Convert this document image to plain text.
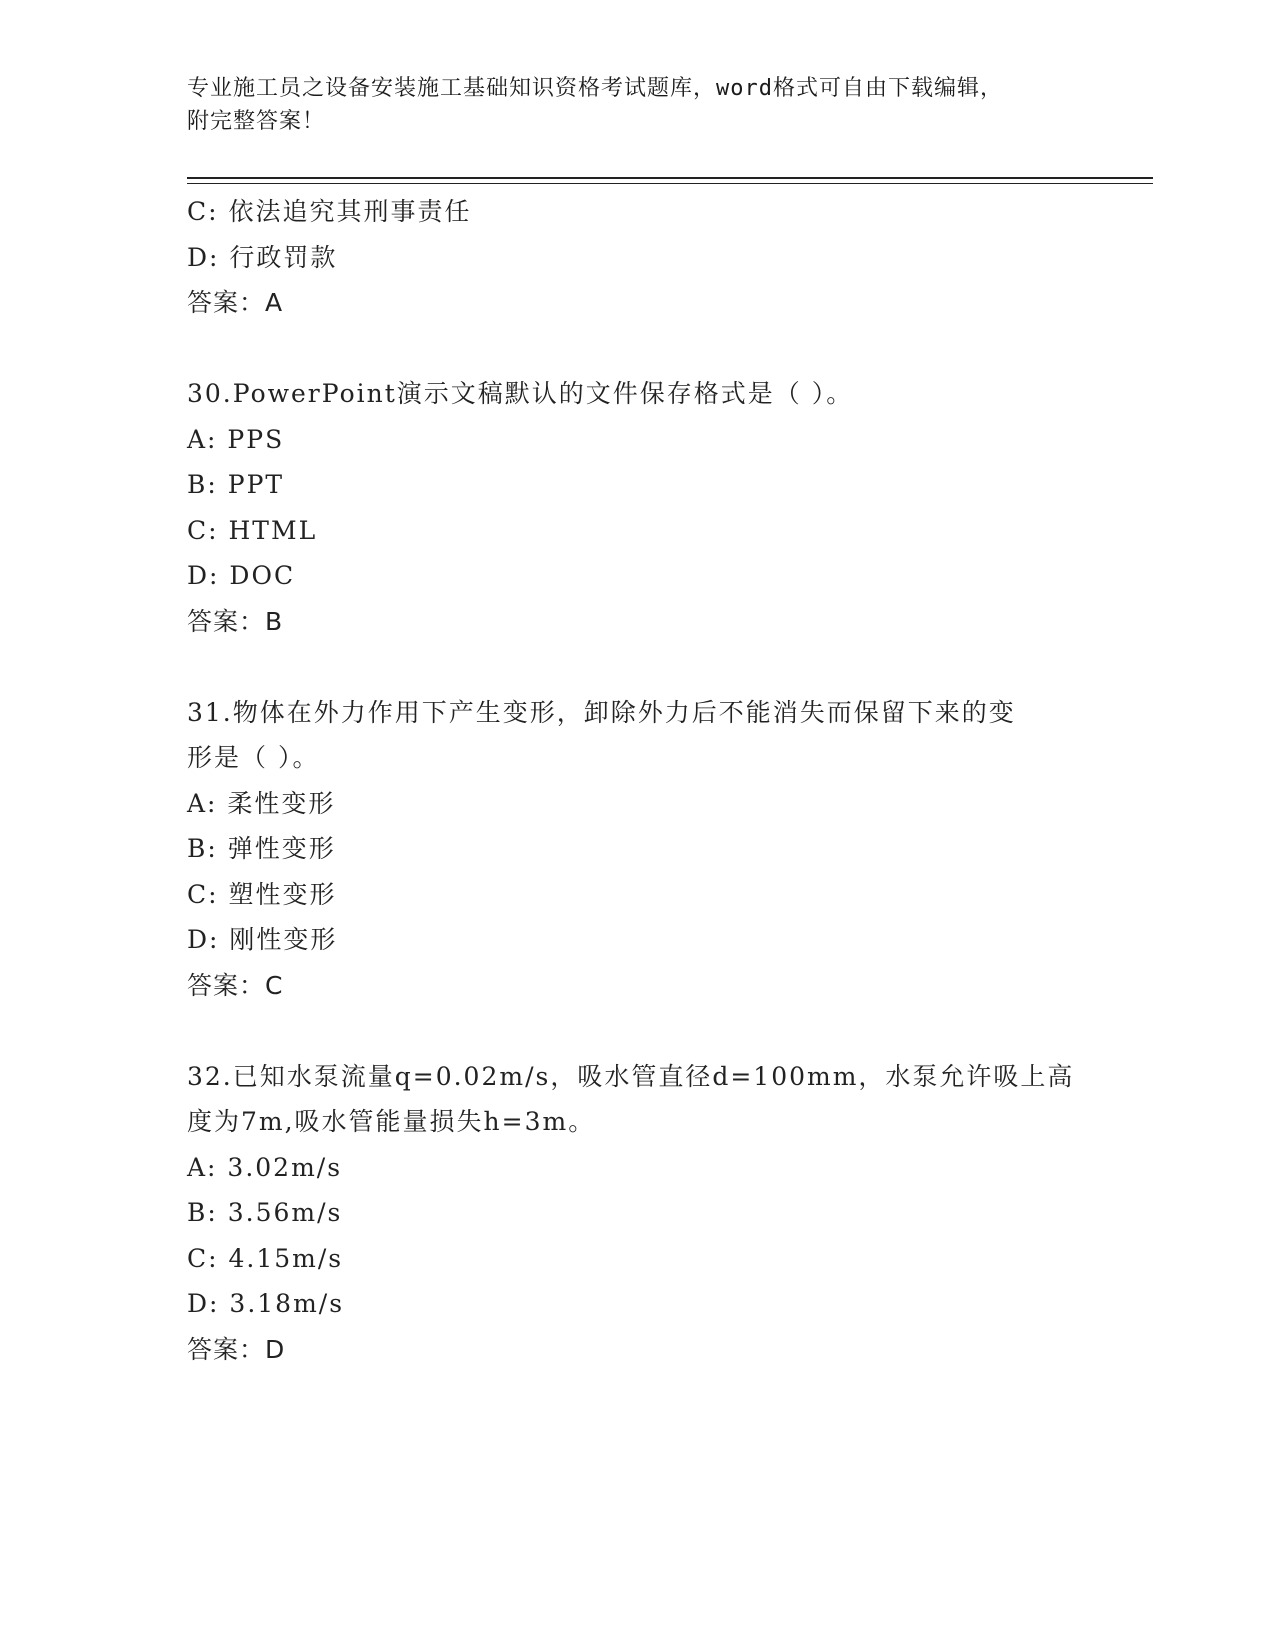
专业施工员之设备安装施工基础知识资格考试题库，word格式可自由下载编辑，
附完整答案！
C: 依法追究其刑事责任
D: 行政罚款
答案：A
30.PowerPoint演示文稿默认的文件保存格式是（ ）。
A: PPS
B: PPT
C: HTML
D: DOC
答案：B
31.物体在外力作用下产生变形，卸除外力后不能消失而保留下来的变
形是（ ）。
A: 柔性变形
B: 弹性变形
C: 塑性变形
D: 刚性变形
答案：C
32.已知水泵流量q=0.02m/s，吸水管直径d=100mm，水泵允许吸上高
度为7m,吸水管能量损失h=3m。
A: 3.02m/s
B: 3.56m/s
C: 4.15m/s
D: 3.18m/s
答案：D
